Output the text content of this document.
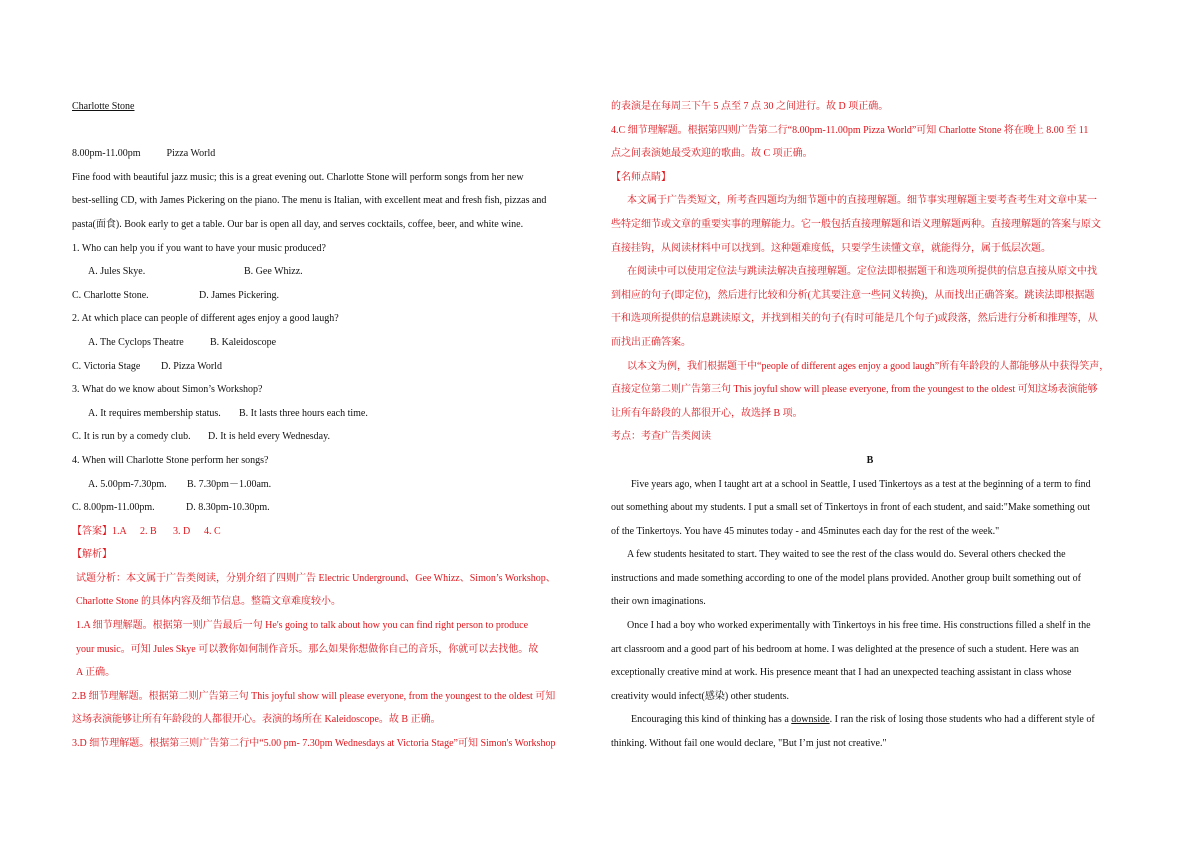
Charlotte Stone
8.00pm-11.00pm	Pizza World
Fine food with beautiful jazz music; this is a great evening out. Charlotte Stone will perform songs from her new
best-selling CD, with James Pickering on the piano. The menu is Italian, with excellent meat and fresh fish, pizzas and
pasta(面食). Book early to get a table. Our bar is open all day, and serves cocktails, coffee, beer, and white wine.
1. Who can help you if you want to have your music produced?
A. Jules Skye.	B. Gee Whizz.
C. Charlotte Stone.	D. James Pickering.
2. At which place can people of different ages enjoy a good laugh?
A. The Cyclops Theatre	B. Kaleidoscope
C. Victoria Stage D. Pizza World
3. What do we know about Simon’s Workshop?
A. It requires membership status. B. It lasts three hours each time.
C. It is run by a comedy club. D. It is held every Wednesday.
4. When will Charlotte Stone perform her songs?
A. 5.00pm-7.30pm. B. 7.30pm－1.00am.
C. 8.00pm-11.00pm.	D. 8.30pm-10.30pm.
【答案】1.A 2. B 3. D 4. C
【解析】
试题分析：本文属于广告类阅读，分别介绍了四则广告 Electric Underground、Gee Whizz、Simon’s Workshop、
Charlotte Stone 的具体内容及细节信息。整篇文章难度较小。
1.A 细节理解题。根据第一则广告最后一句 He's going to talk about how you can find right person to produce
your music。可知 Jules Skye 可以教你如何制作音乐。那么如果你想做你自己的音乐，你就可以去找他。故
A 正确。
2.B 细节理解题。根据第二则广告第三句 This joyful show will please everyone, from the youngest to the oldest 可知
这场表演能够让所有年龄段的人都很开心。表演的场所在 Kaleidoscope。故 B 正确。
3.D 细节理解题。根据第三则广告第二行中“5.00 pm- 7.30pm Wednesdays at Victoria Stage”可知 Simon's Workshop
的表演是在每周三下午 5 点至 7 点 30 之间进行。故 D 项正确。
4.C 细节理解题。根据第四则广告第二行“8.00pm-11.00pm Pizza World”可知 Charlotte Stone 将在晚上 8.00 至 11
点之间表演她最受欢迎的歌曲。故 C 项正确。
【名师点睛】
本文属于广告类短文，所考查四题均为细节题中的直接理解题。细节事实理解题主要考查考生对文章中某一
些特定细节或文章的重要实事的理解能力。它一般包括直接理解题和语义理解题两种。直接理解题的答案与原文
直接挂钩，从阅读材料中可以找到。这种题难度低，只要学生读懂文章，就能得分，属于低层次题。
在阅读中可以使用定位法与跳读法解决直接理解题。定位法即根据题干和选项所提供的信息直接从原文中找
到相应的句子(即定位)，然后进行比较和分析(尤其要注意一些同义转换)，从而找出正确答案。跳读法即根据题
干和选项所提供的信息跳读原文，并找到相关的句子(有时可能是几个句子)或段落，然后进行分析和推理等，从
而找出正确答案。
以本文为例，我们根据题干中“people of different ages enjoy a good laugh”所有年龄段的人都能够从中获得笑声，
直接定位第二则广告第三句 This joyful show will please everyone, from the youngest to the oldest 可知这场表演能够
让所有年龄段的人都很开心，故选择 B 项。
考点：考查广告类阅读
B
Five years ago, when I taught art at a school in Seattle, I used Tinkertoys as a test at the beginning of a term to find
out something about my students. I put a small set of Tinkertoys in front of each student, and said:"Make something out
of the Tinkertoys. You have 45 minutes today - and 45minutes each day for the rest of the week."
A few students hesitated to start. They waited to see the rest of the class would do. Several others checked the
instructions and made something according to one of the model plans provided. Another group built something out of
their own imaginations.
Once I had a boy who worked experimentally with Tinkertoys in his free time. His constructions filled a shelf in the
art classroom and a good part of his bedroom at home. I was delighted at the presence of such a student. Here was an
exceptionally creative mind at work. His presence meant that I had an unexpected teaching assistant in class whose
creativity would infect(感染) other students.
Encouraging this kind of thinking has a downside. I ran the risk of losing those students who had a different style of
thinking. Without fail one would declare, "But I’m just not creative."
